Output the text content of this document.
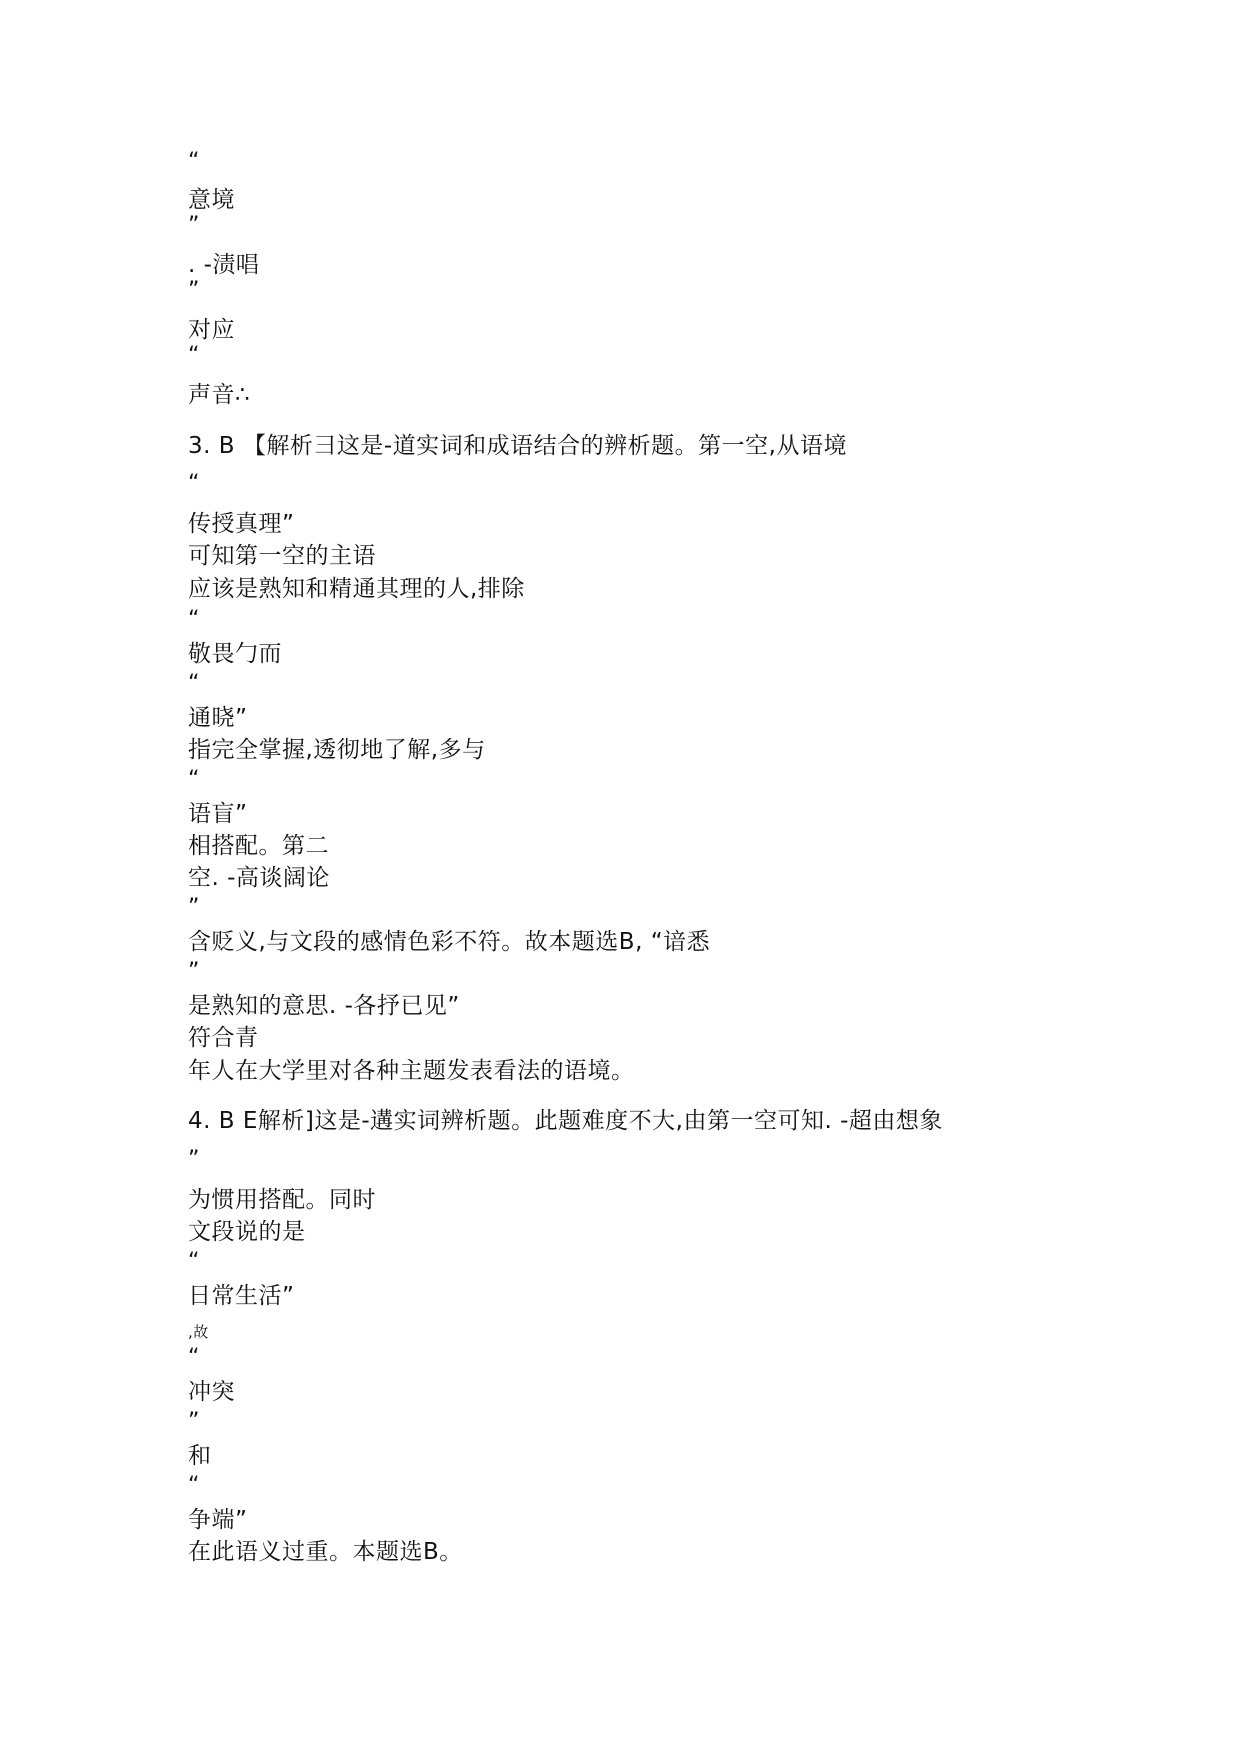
“
意境
”
. -渍唱
”
对应
“
声音∴
3. B 【解析彐这是-道实词和成语结合的辨析题。第一空,从语境
“
传授真理”
可知第一空的主语
应该是熟知和精通其理的人,排除
“
敬畏勹而
“
通晓”
指完全掌握,透彻地了解,多与
“
语盲”
相搭配。第二
空. -高谈阔论
”
含贬义,与文段的感情色彩不符。故本题选B, “谙悉
”
是熟知的意思. -各抒已见”
符合青
年人在大学里对各种主题发表看法的语境。
4. B E解析]这是-遘实词辨析题。此题难度不大,由第一空可知. -超由想象
”
为惯用搭配。同时
文段说的是
“
日常生活”
,故
“
冲突
”
和
“
争端”
在此语义过重。本题选B。
